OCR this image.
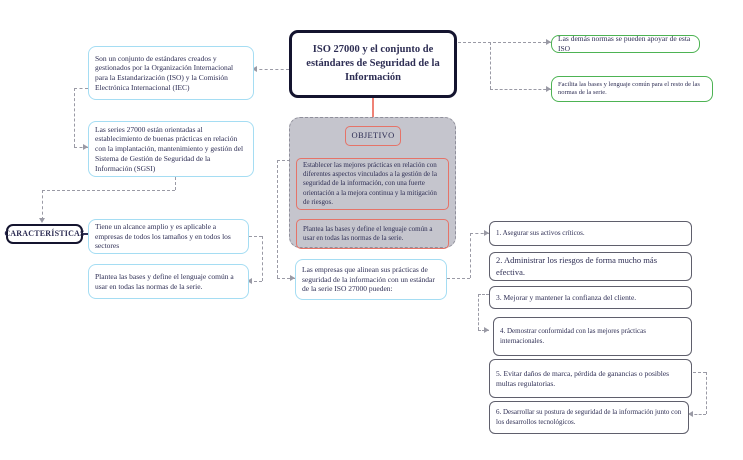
ISO 27000 y el conjunto de estándares de Seguridad de la Información
Son un conjunto de estándares creados y gestionados por la Organización Internacional para la Estandarización (ISO) y la Comisión Electrónica Internacional (IEC)
Las series 27000 están orientadas al establecimiento de buenas prácticas en relación con la implantación, mantenimiento y gestión del Sistema de Gestión de Seguridad de la Información (SGSI)
CARACTERÍSTICAS
Tiene un alcance amplio y es aplicable a empresas de todos los tamaños y en todos los sectores
Plantea las bases y define el lenguaje común a usar en todas las normas de la serie.
OBJETIVO
Establecer las mejores prácticas en relación con diferentes aspectos vinculados a la gestión de la seguridad de la información, con una fuerte orientación a la mejora continua y la mitigación de riesgos.
Plantea las bases y define el lenguaje común a usar en todas las normas de la serie.
Las demás normas se pueden apoyar de esta ISO
Facilita las bases y lenguaje común para el resto de las normas de la serie.
Las empresas que alinean sus prácticas de seguridad de la información con un estándar de la serie ISO 27000 pueden:
1. Asegurar sus activos críticos.
2. Administrar los riesgos de forma mucho más efectiva.
3. Mejorar y mantener la confianza del cliente.
4. Demostrar conformidad con las mejores prácticas internacionales.
5. Evitar daños de marca, pérdida de ganancias o posibles multas regulatorias.
6. Desarrollar su postura de seguridad de la información junto con los desarrollos tecnológicos.
